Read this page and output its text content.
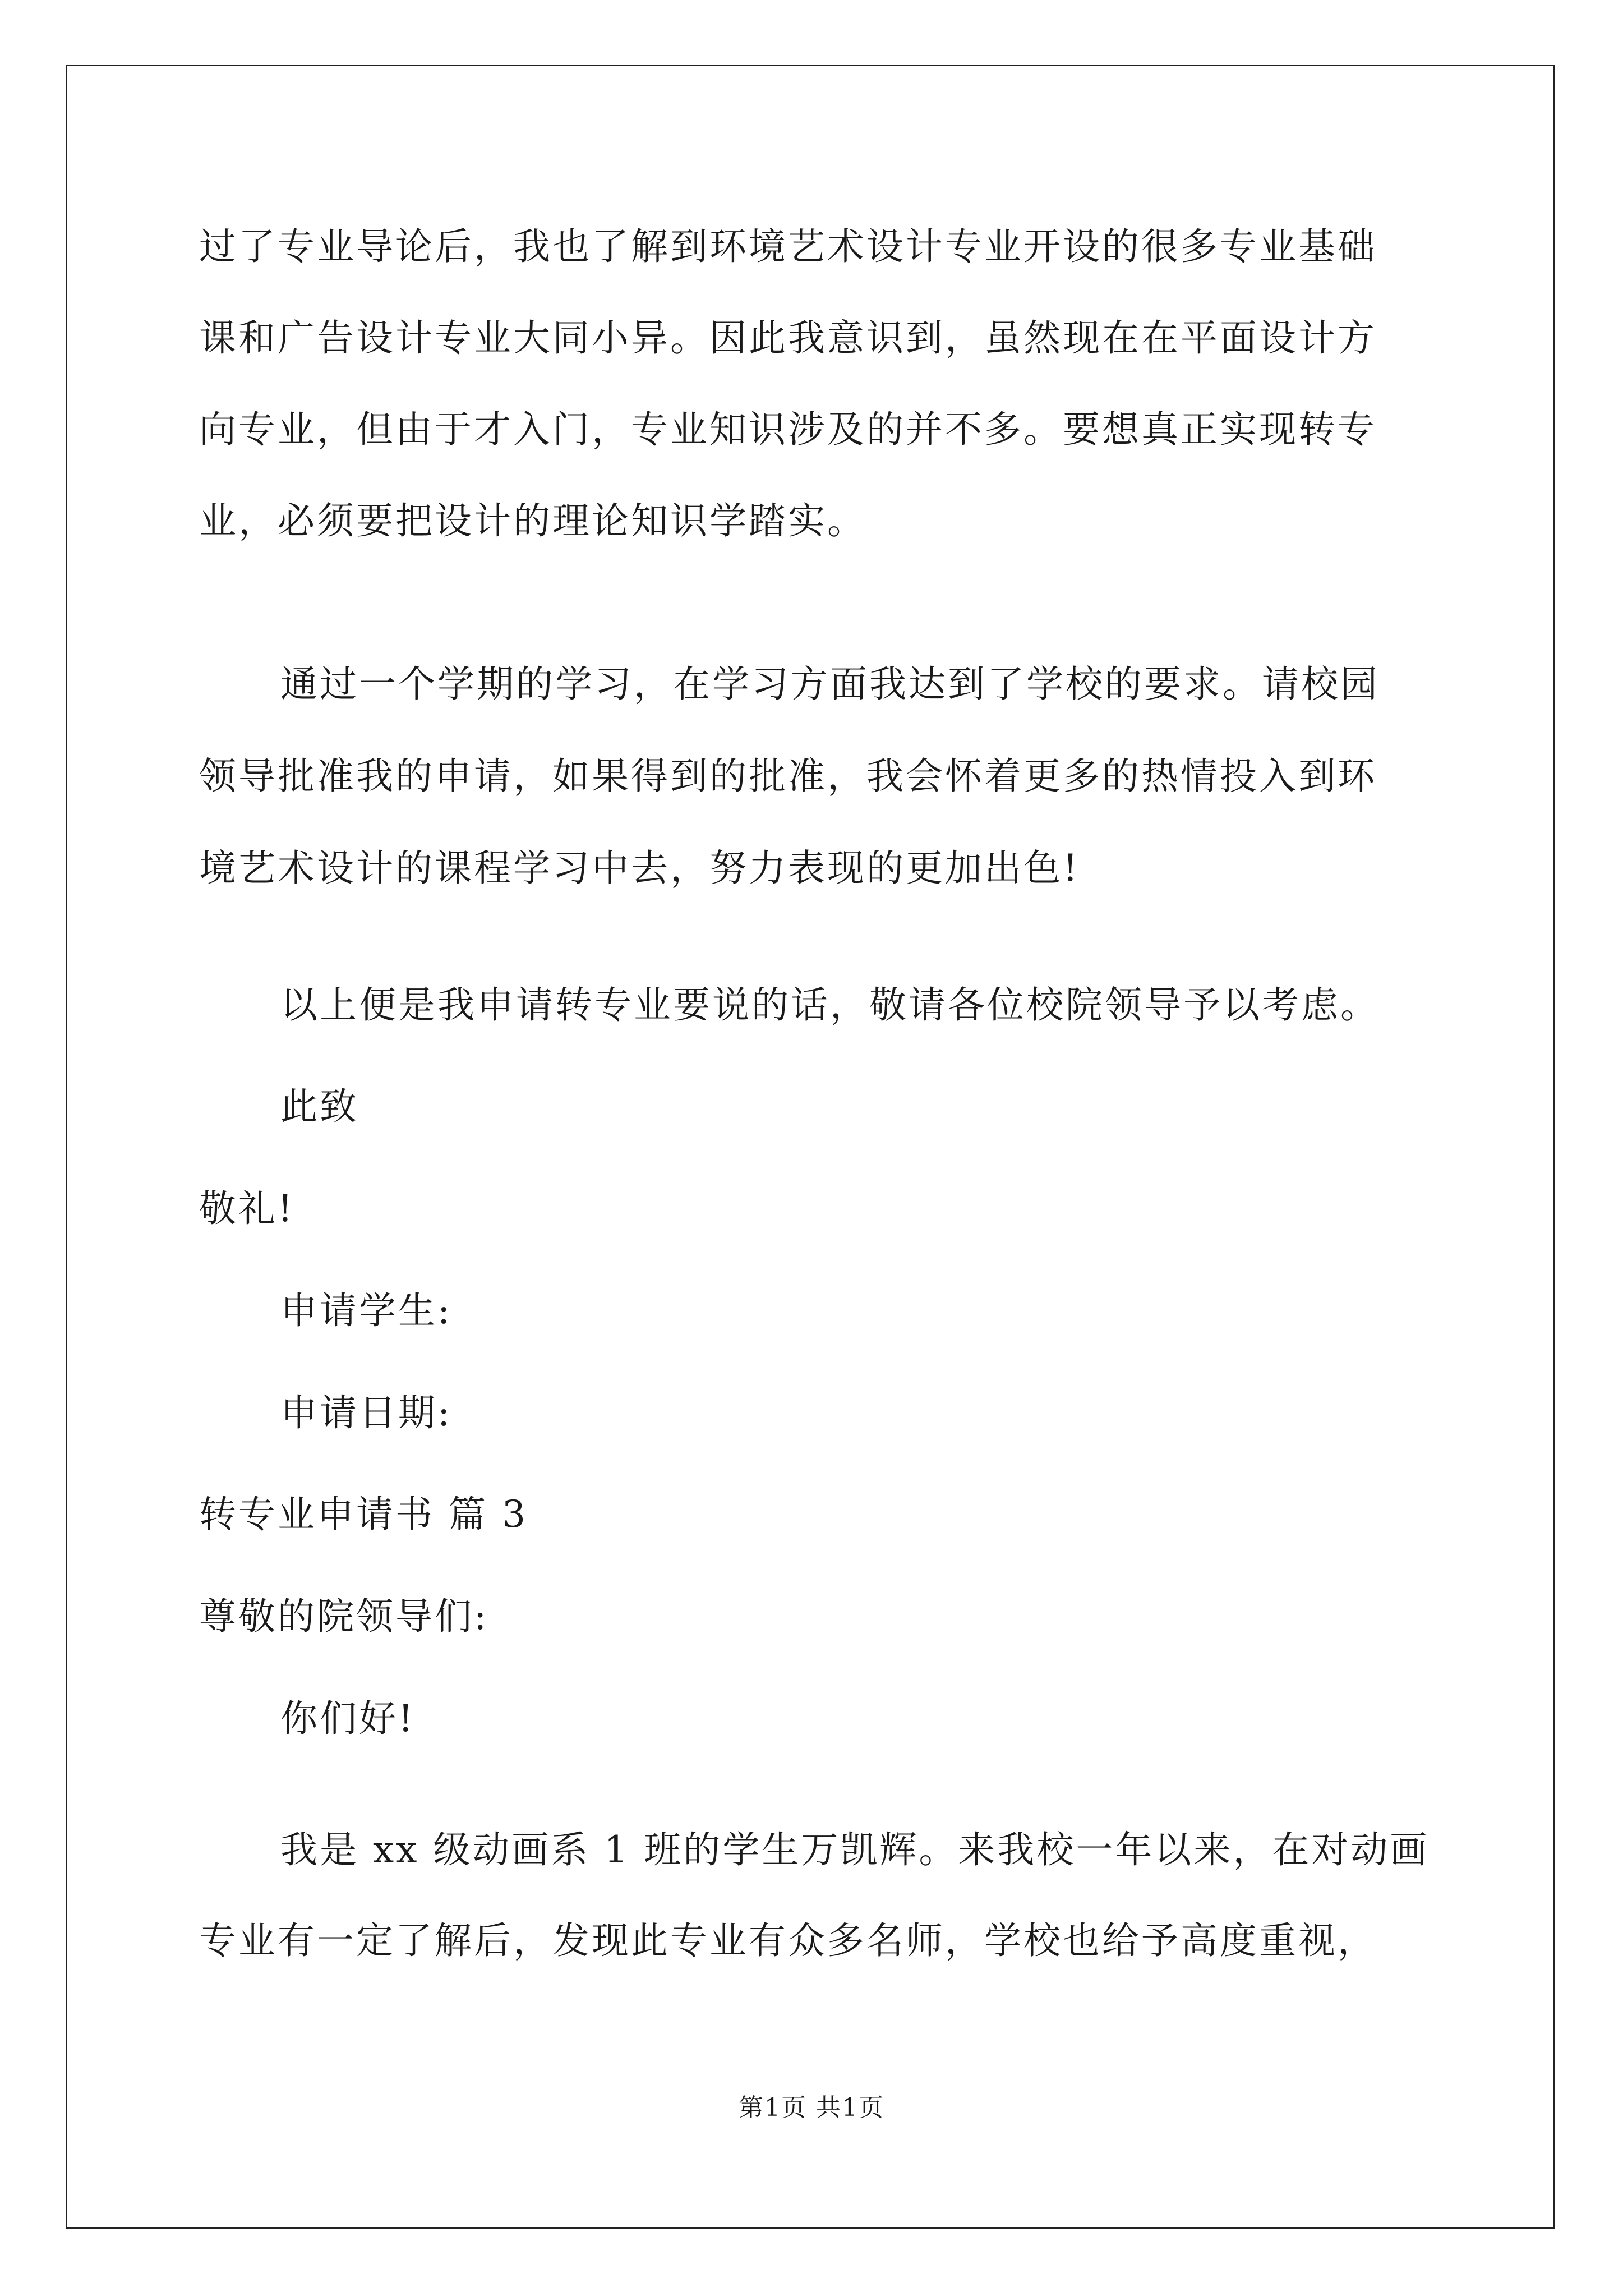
过了专业导论后，我也了解到环境艺术设计专业开设的很多专业基础
课和广告设计专业大同小异。因此我意识到，虽然现在在平面设计方
向专业，但由于才入门，专业知识涉及的并不多。要想真正实现转专
业，必须要把设计的理论知识学踏实。
通过一个学期的学习，在学习方面我达到了学校的要求。请校园
领导批准我的申请，如果得到的批准，我会怀着更多的热情投入到环
境艺术设计的课程学习中去，努力表现的更加出色!
以上便是我申请转专业要说的话，敬请各位校院领导予以考虑。
此致
敬礼!
申请学生:
申请日期:
转专业申请书 篇 3
尊敬的院领导们:
你们好!
我是 xx 级动画系 1 班的学生万凯辉。来我校一年以来，在对动画
专业有一定了解后，发现此专业有众多名师，学校也给予高度重视，
第1页 共1页
